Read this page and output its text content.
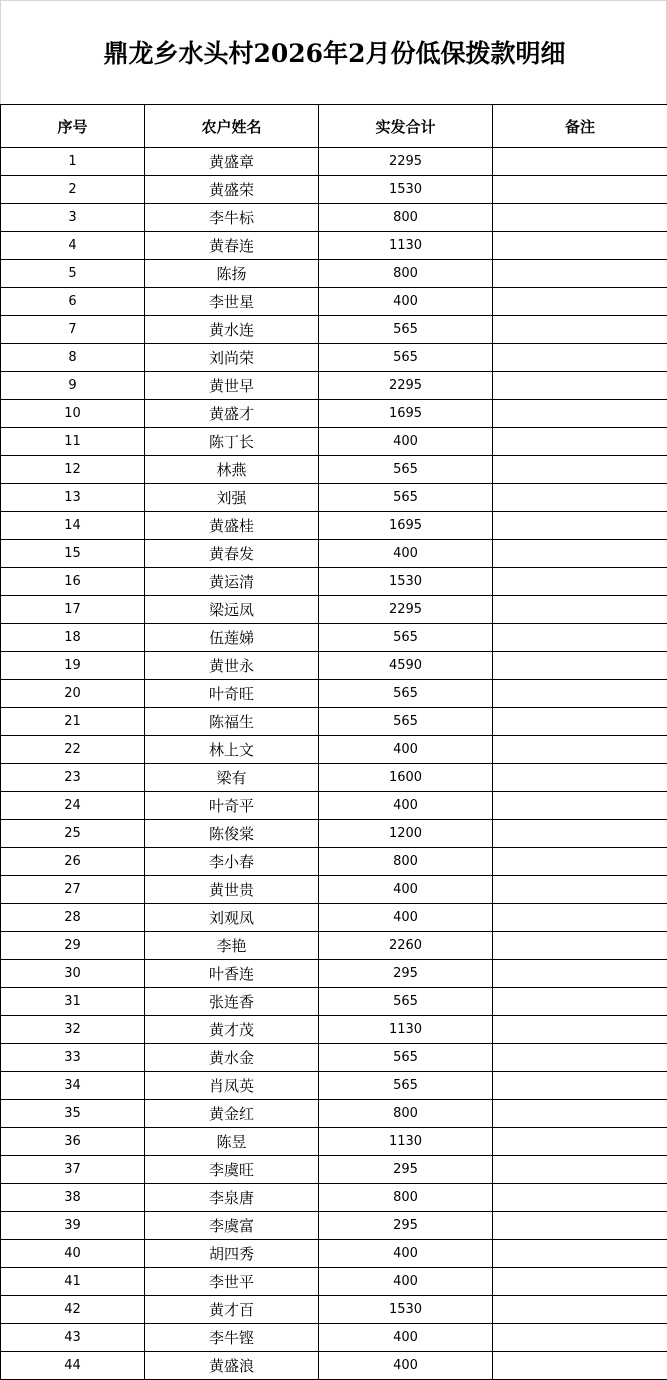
鼎龙乡水头村2026年2月份低保拨款明细
序号	农户姓名	实发合计	备注
1	黄盛章	2295	
2	黄盛荣	1530	
3	李牛标	800	
4	黄春连	1130	
5	陈扬	800	
6	李世星	400	
7	黄水连	565	
8	刘尚荣	565	
9	黄世早	2295	
10	黄盛才	1695	
11	陈丁长	400	
12	林燕	565	
13	刘强	565	
14	黄盛桂	1695	
15	黄春发	400	
16	黄运清	1530	
17	梁远凤	2295	
18	伍莲娣	565	
19	黄世永	4590	
20	叶奇旺	565	
21	陈福生	565	
22	林上文	400	
23	梁有	1600	
24	叶奇平	400	
25	陈俊棠	1200	
26	李小春	800	
27	黄世贵	400	
28	刘观凤	400	
29	李艳	2260	
30	叶香连	295	
31	张连香	565	
32	黄才茂	1130	
33	黄水金	565	
34	肖凤英	565	
35	黄金红	800	
36	陈昱	1130	
37	李虞旺	295	
38	李泉唐	800	
39	李虞富	295	
40	胡四秀	400	
41	李世平	400	
42	黄才百	1530	
43	李牛铿	400	
44	黄盛浪	400	
